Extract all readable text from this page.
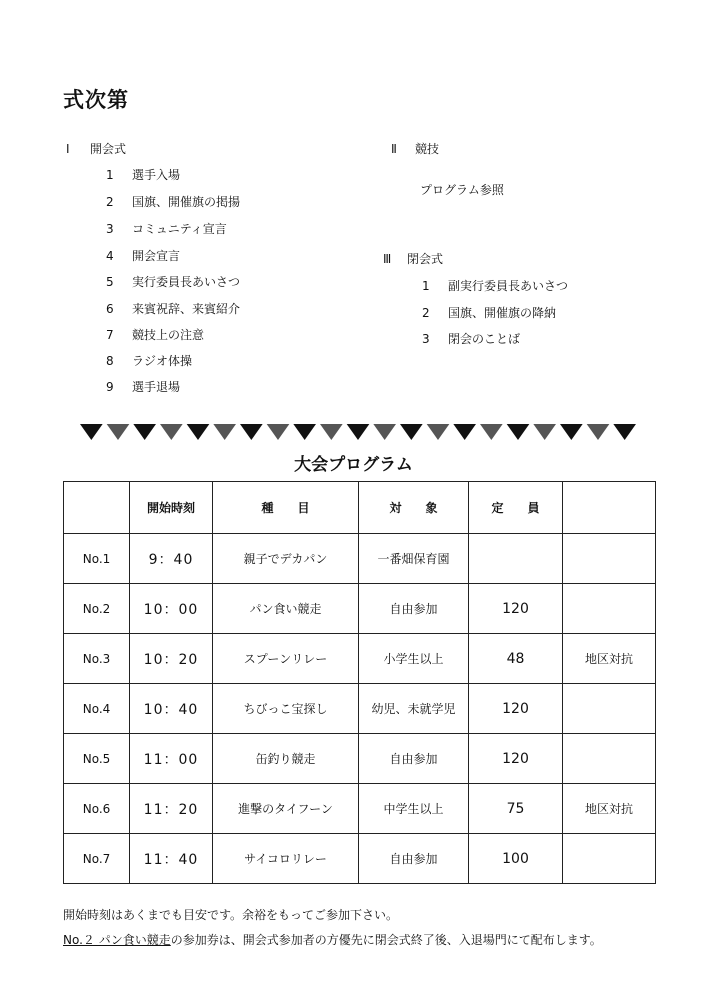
式次第
Ⅰ 開会式
1 選手入場
2 国旗、開催旗の掲揚
3 コミュニティ宣言
4 開会宣言
5 実行委員長あいさつ
6 来賓祝辞、来賓紹介
7 競技上の注意
8 ラジオ体操
9 選手退場
Ⅱ 競技
プログラム参照
Ⅲ 閉会式
1 副実行委員長あいさつ
2 国旗、開催旗の降納
3 閉会のことば
大会プログラム
	開始時刻	種　　目	対　　象	定　　員	
No.1	9：40	親子でデカパン	一番畑保育園		
No.2	10：00	パン食い競走	自由参加	120	
No.3	10：20	スプーンリレー	小学生以上	48	地区対抗
No.4	10：40	ちびっこ宝探し	幼児、未就学児	120	
No.5	11：00	缶釣り競走	自由参加	120	
No.6	11：20	進撃のタイフーン	中学生以上	75	地区対抗
No.7	11：40	サイコロリレー	自由参加	100	
開始時刻はあくまでも目安です。余裕をもってご参加下さい。
No.２ パン食い競走の参加券は、開会式参加者の方優先に閉会式終了後、入退場門にて配布します。
